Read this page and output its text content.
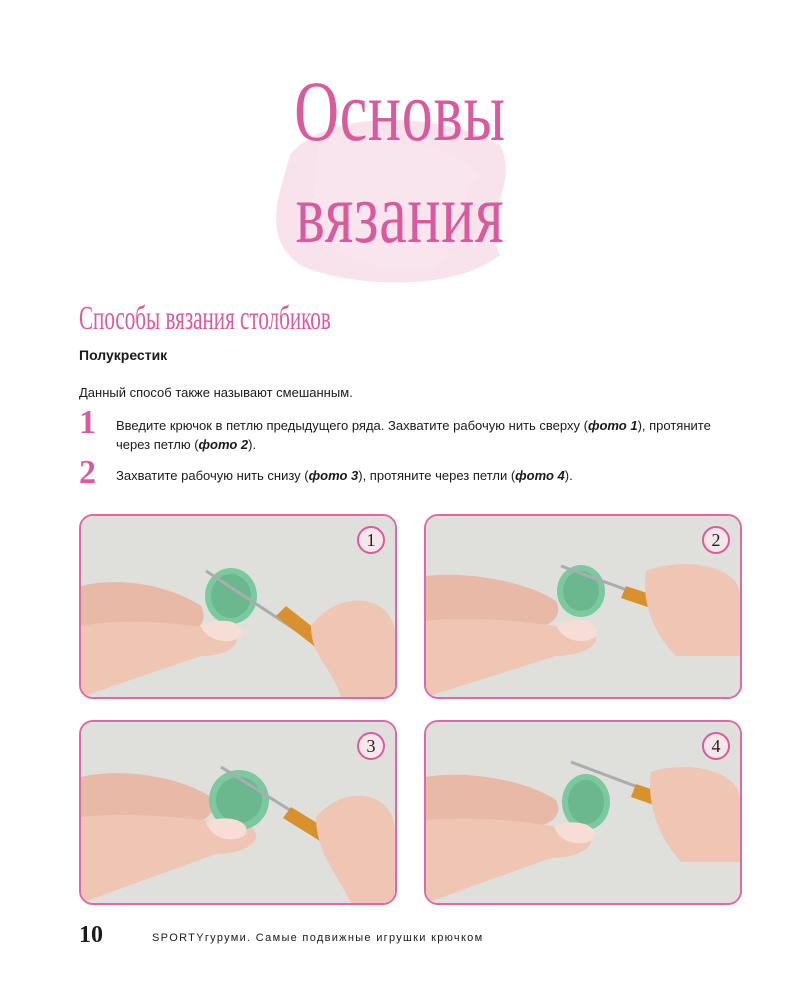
Основы
вязания
Способы вязания столбиков
Полукрестик
Данный способ также называют смешанным.
1 Введите крючок в петлю предыдущего ряда. Захватите рабочую нить сверху (фото 1), протяните через петлю (фото 2).
2 Захватите рабочую нить снизу (фото 3), протяните через петли (фото 4).
1	2
3	4
10	SPORTYгуруми. Самые подвижные игрушки крючком
